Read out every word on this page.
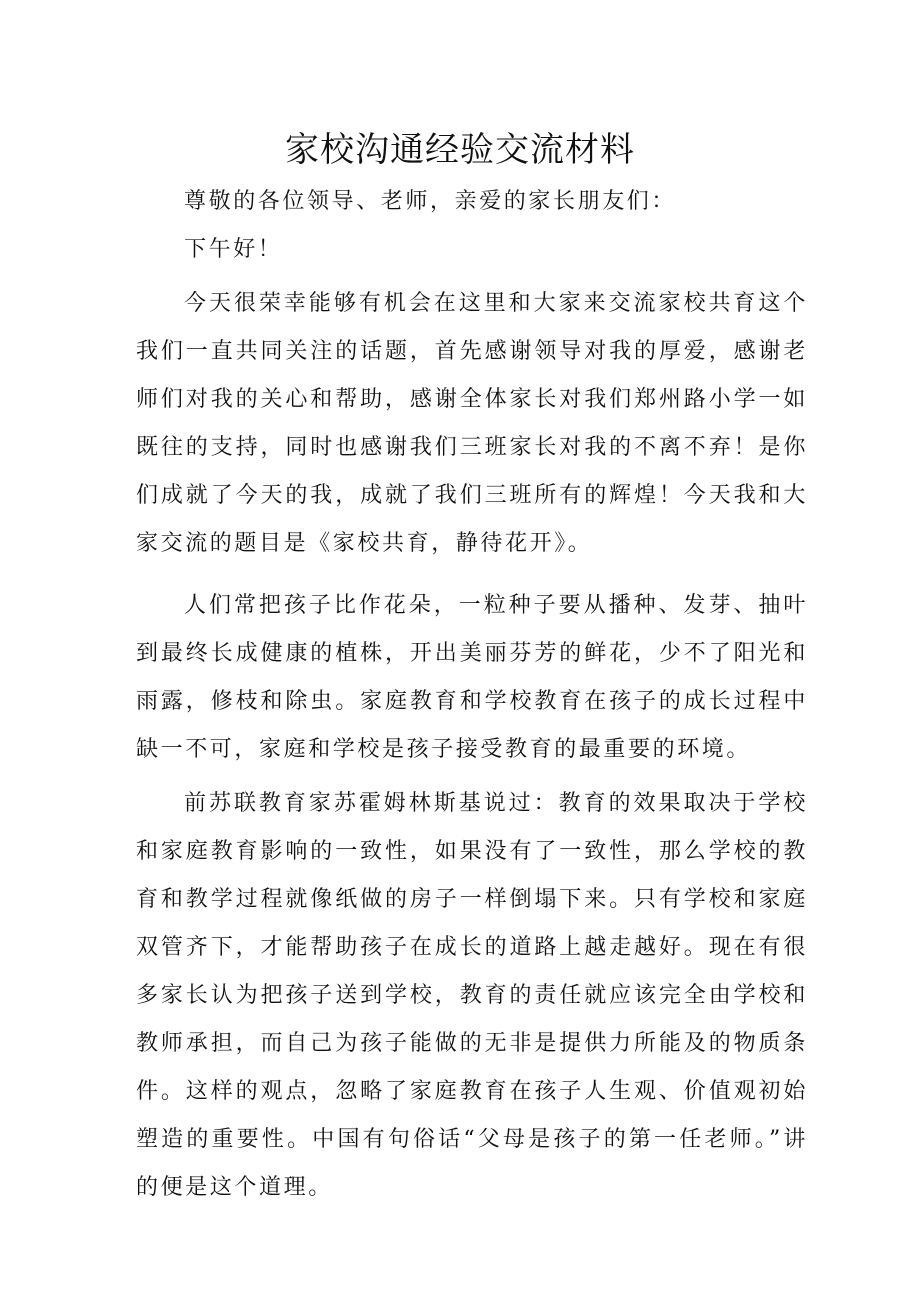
家校沟通经验交流材料

尊敬的各位领导、老师，亲爱的家长朋友们：

下午好！

今天很荣幸能够有机会在这里和大家来交流家校共育这个我们一直共同关注的话题，首先感谢领导对我的厚爱，感谢老师们对我的关心和帮助，感谢全体家长对我们郑州路小学一如既往的支持，同时也感谢我们三班家长对我的不离不弃！是你们成就了今天的我，成就了我们三班所有的辉煌！今天我和大家交流的题目是《家校共育，静待花开》。

人们常把孩子比作花朵，一粒种子要从播种、发芽、抽叶到最终长成健康的植株，开出美丽芬芳的鲜花，少不了阳光和雨露，修枝和除虫。家庭教育和学校教育在孩子的成长过程中缺一不可，家庭和学校是孩子接受教育的最重要的环境。

前苏联教育家苏霍姆林斯基说过：教育的效果取决于学校和家庭教育影响的一致性，如果没有了一致性，那么学校的教育和教学过程就像纸做的房子一样倒塌下来。只有学校和家庭双管齐下，才能帮助孩子在成长的道路上越走越好。现在有很多家长认为把孩子送到学校，教育的责任就应该完全由学校和教师承担，而自己为孩子能做的无非是提供力所能及的物质条件。这样的观点，忽略了家庭教育在孩子人生观、价值观初始塑造的重要性。中国有句俗话“父母是孩子的第一任老师。”讲的便是这个道理。
